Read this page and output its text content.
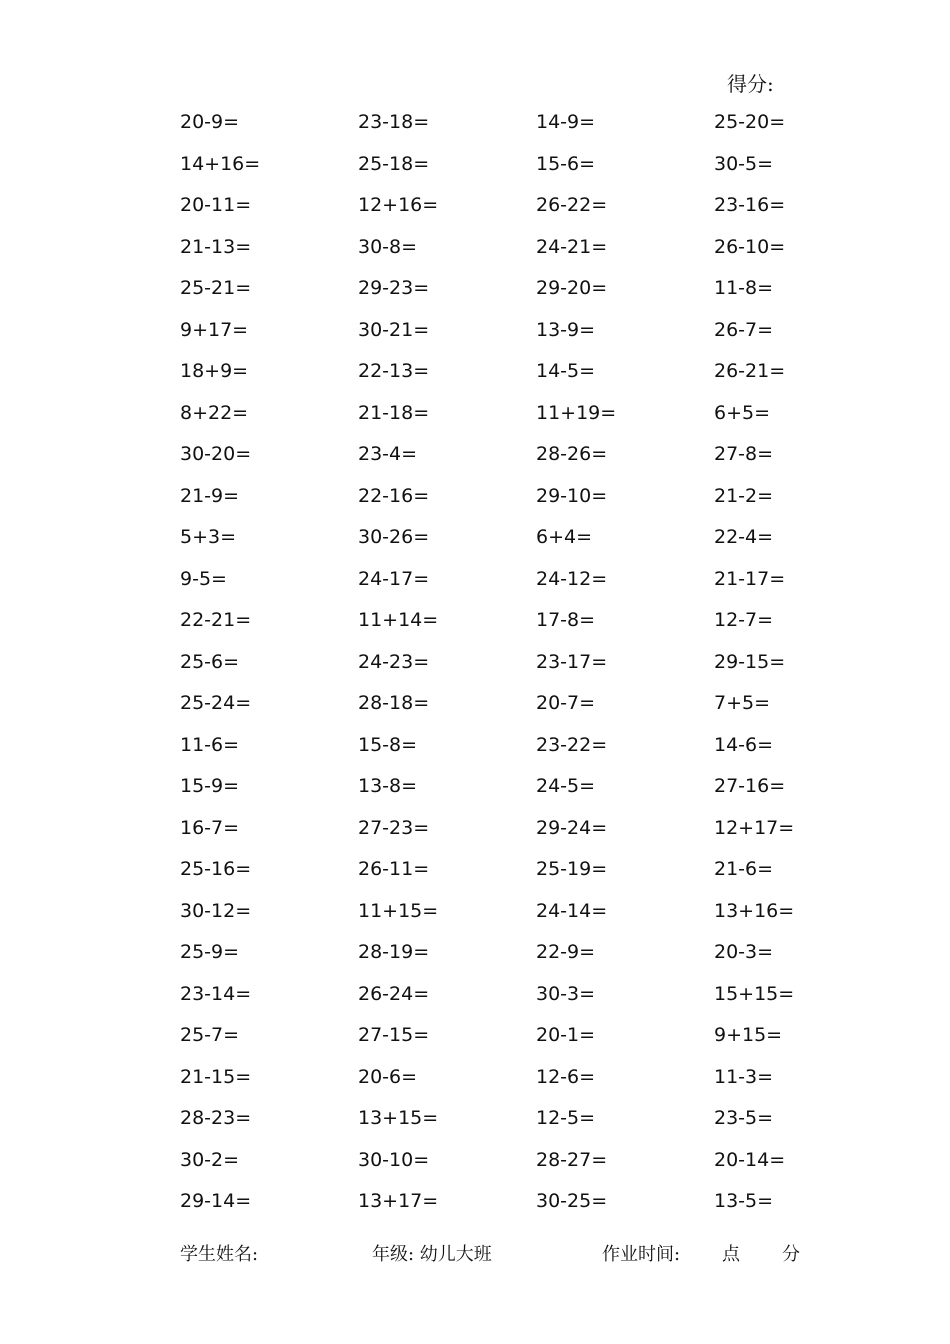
得分:
20-9=	23-18=	14-9=	25-20=
14+16=	25-18=	15-6=	30-5=
20-11=	12+16=	26-22=	23-16=
21-13=	30-8=	24-21=	26-10=
25-21=	29-23=	29-20=	11-8=
9+17=	30-21=	13-9=	26-7=
18+9=	22-13=	14-5=	26-21=
8+22=	21-18=	11+19=	6+5=
30-20=	23-4=	28-26=	27-8=
21-9=	22-16=	29-10=	21-2=
5+3=	30-26=	6+4=	22-4=
9-5=	24-17=	24-12=	21-17=
22-21=	11+14=	17-8=	12-7=
25-6=	24-23=	23-17=	29-15=
25-24=	28-18=	20-7=	7+5=
11-6=	15-8=	23-22=	14-6=
15-9=	13-8=	24-5=	27-16=
16-7=	27-23=	29-24=	12+17=
25-16=	26-11=	25-19=	21-6=
30-12=	11+15=	24-14=	13+16=
25-9=	28-19=	22-9=	20-3=
23-14=	26-24=	30-3=	15+15=
25-7=	27-15=	20-1=	9+15=
21-15=	20-6=	12-6=	11-3=
28-23=	13+15=	12-5=	23-5=
30-2=	30-10=	28-27=	20-14=
29-14=	13+17=	30-25=	13-5=
学生姓名:	年级: 幼儿大班	作业时间: 点 分
